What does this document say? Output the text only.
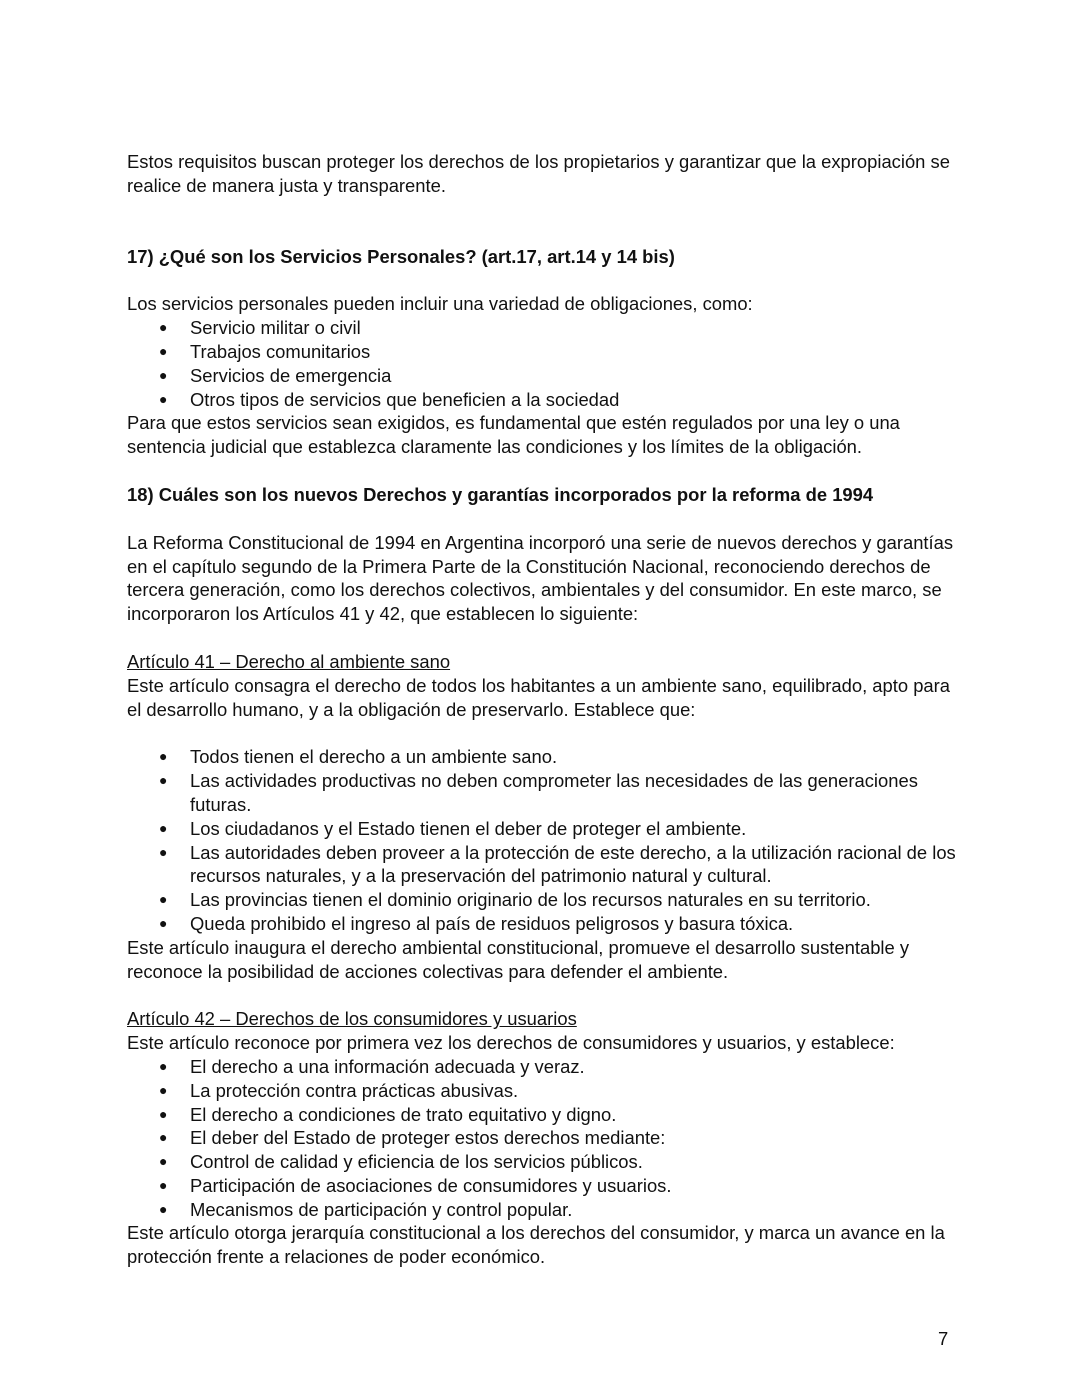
Estos requisitos buscan proteger los derechos de los propietarios y garantizar que la expropiación se realice de manera justa y transparente.

17) ¿Qué son los Servicios Personales? (art.17, art.14 y 14 bis)

Los servicios personales pueden incluir una variedad de obligaciones, como:

● Servicio militar o civil
● Trabajos comunitarios
● Servicios de emergencia
● Otros tipos de servicios que beneficien a la sociedad

Para que estos servicios sean exigidos, es fundamental que estén regulados por una ley o una sentencia judicial que establezca claramente las condiciones y los límites de la obligación.

18) Cuáles son los nuevos Derechos y garantías incorporados por la reforma de 1994

La Reforma Constitucional de 1994 en Argentina incorporó una serie de nuevos derechos y garantías en el capítulo segundo de la Primera Parte de la Constitución Nacional, reconociendo derechos de tercera generación, como los derechos colectivos, ambientales y del consumidor. En este marco, se incorporaron los Artículos 41 y 42, que establecen lo siguiente:

Artículo 41 – Derecho al ambiente sano

Este artículo consagra el derecho de todos los habitantes a un ambiente sano, equilibrado, apto para el desarrollo humano, y a la obligación de preservarlo. Establece que:

● Todos tienen el derecho a un ambiente sano.
● Las actividades productivas no deben comprometer las necesidades de las generaciones futuras.
● Los ciudadanos y el Estado tienen el deber de proteger el ambiente.
● Las autoridades deben proveer a la protección de este derecho, a la utilización racional de los recursos naturales, y a la preservación del patrimonio natural y cultural.
● Las provincias tienen el dominio originario de los recursos naturales en su territorio.
● Queda prohibido el ingreso al país de residuos peligrosos y basura tóxica.

Este artículo inaugura el derecho ambiental constitucional, promueve el desarrollo sustentable y reconoce la posibilidad de acciones colectivas para defender el ambiente.

Artículo 42 – Derechos de los consumidores y usuarios

Este artículo reconoce por primera vez los derechos de consumidores y usuarios, y establece:

● El derecho a una información adecuada y veraz.
● La protección contra prácticas abusivas.
● El derecho a condiciones de trato equitativo y digno.
● El deber del Estado de proteger estos derechos mediante:
● Control de calidad y eficiencia de los servicios públicos.
● Participación de asociaciones de consumidores y usuarios.
● Mecanismos de participación y control popular.

Este artículo otorga jerarquía constitucional a los derechos del consumidor, y marca un avance en la protección frente a relaciones de poder económico.

7
